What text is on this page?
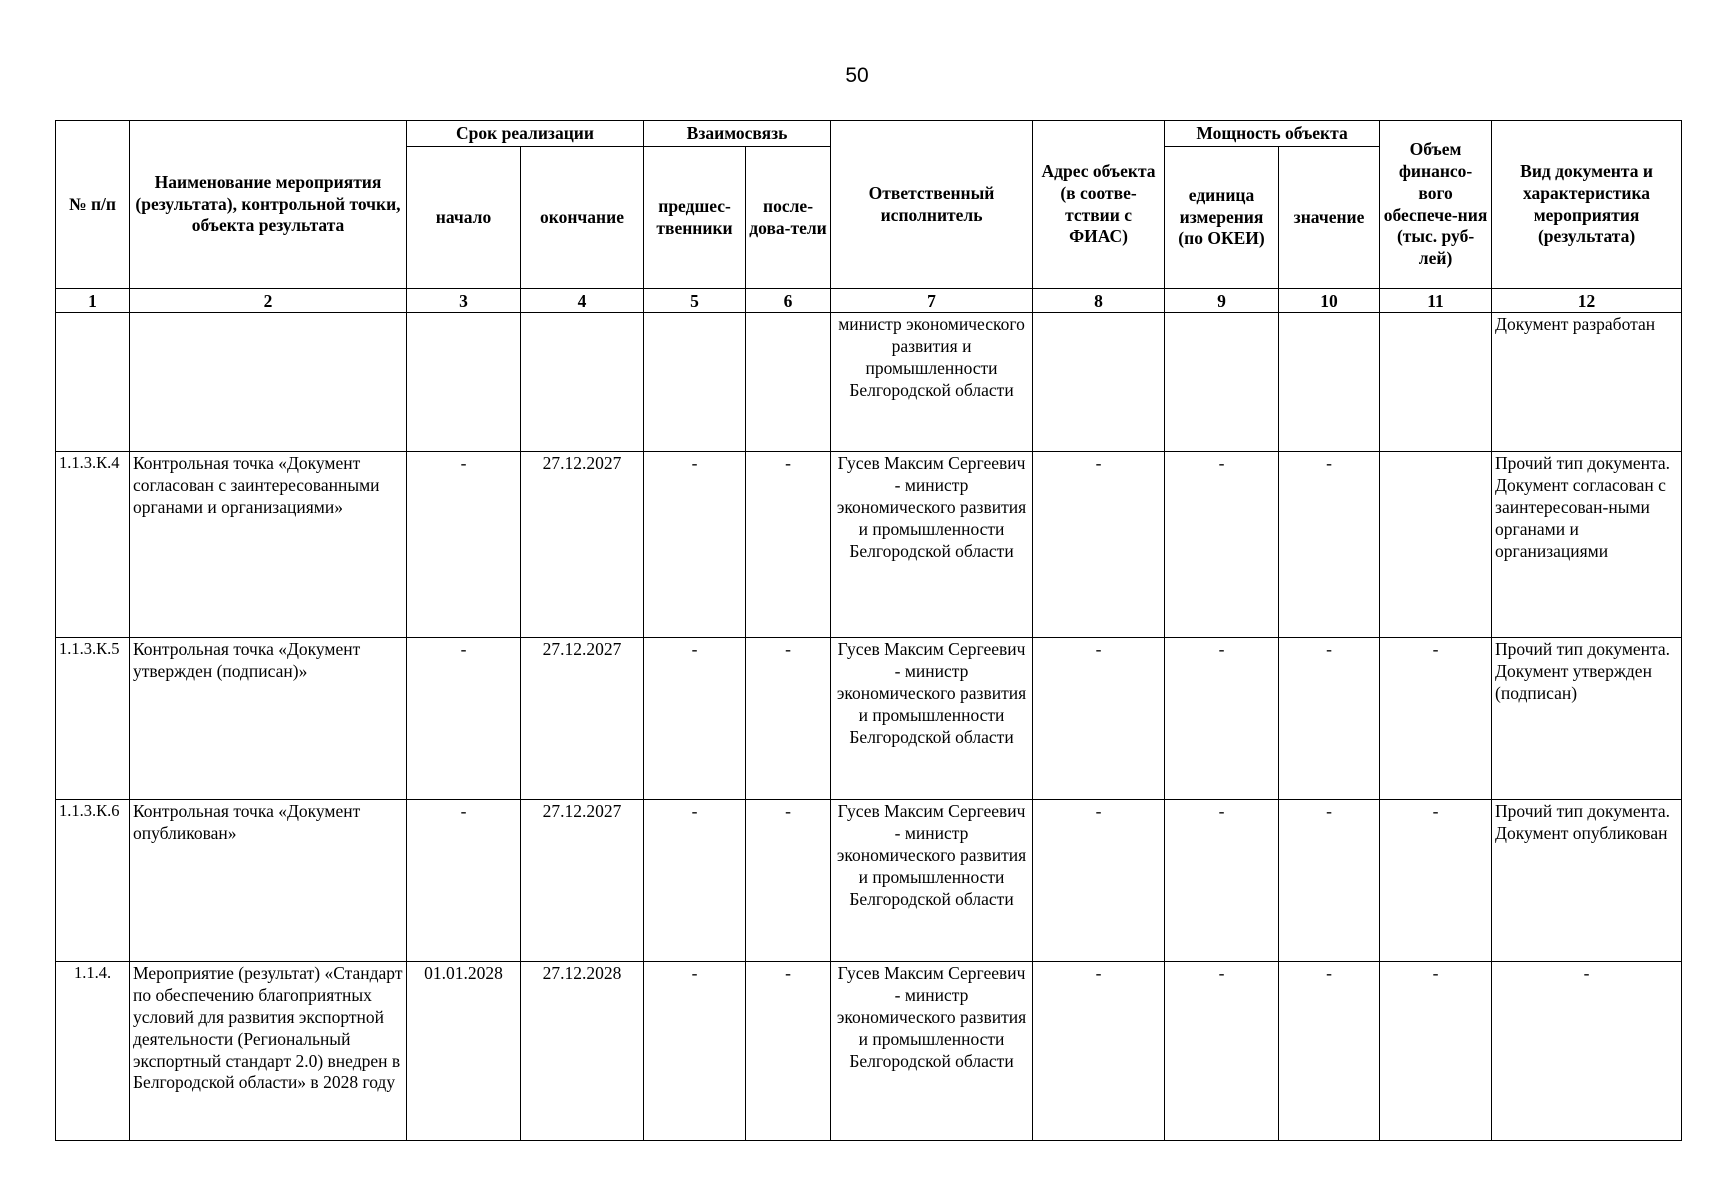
50
№ п/п	Наименование мероприятия (результата), контрольной точки, объекта результата	Срок реализации		Взаимосвязь		Ответственный исполнитель	Адрес объекта (в соотве-тствии с ФИАС)	Мощность объекта		Объем финансо-вого обеспече-ния (тыс. руб-лей)	Вид документа и характеристика мероприятия (результата)
		начало	окончание	предшес-твенники	после-дова-тели			единица измерения (по ОКЕИ)	значение		
1	2	3	4	5	6	7	8	9	10	11	12
						министр экономического развития и промышленности Белгородской области					Документ разработан
1.1.3.К.4	Контрольная точка «Документ согласован с заинтересованными органами и организациями»	-	27.12.2027	-	-	Гусев Максим Сергеевич - министр экономического развития и промышленности Белгородской области	-	-	-		Прочий тип документа. Документ согласован с заинтересован-ными органами и организациями
1.1.3.К.5	Контрольная точка «Документ утвержден (подписан)»	-	27.12.2027	-	-	Гусев Максим Сергеевич - министр экономического развития и промышленности Белгородской области	-	-	-	-	Прочий тип документа. Документ утвержден (подписан)
1.1.3.К.6	Контрольная точка «Документ опубликован»	-	27.12.2027	-	-	Гусев Максим Сергеевич - министр экономического развития и промышленности Белгородской области	-	-	-	-	Прочий тип документа. Документ опубликован
1.1.4.	Мероприятие (результат) «Стандарт по обеспечению благоприятных условий для развития экспортной деятельности (Региональный экспортный стандарт 2.0) внедрен в Белгородской области» в 2028 году	01.01.2028	27.12.2028	-	-	Гусев Максим Сергеевич - министр экономического развития и промышленности Белгородской области	-	-	-	-	-
